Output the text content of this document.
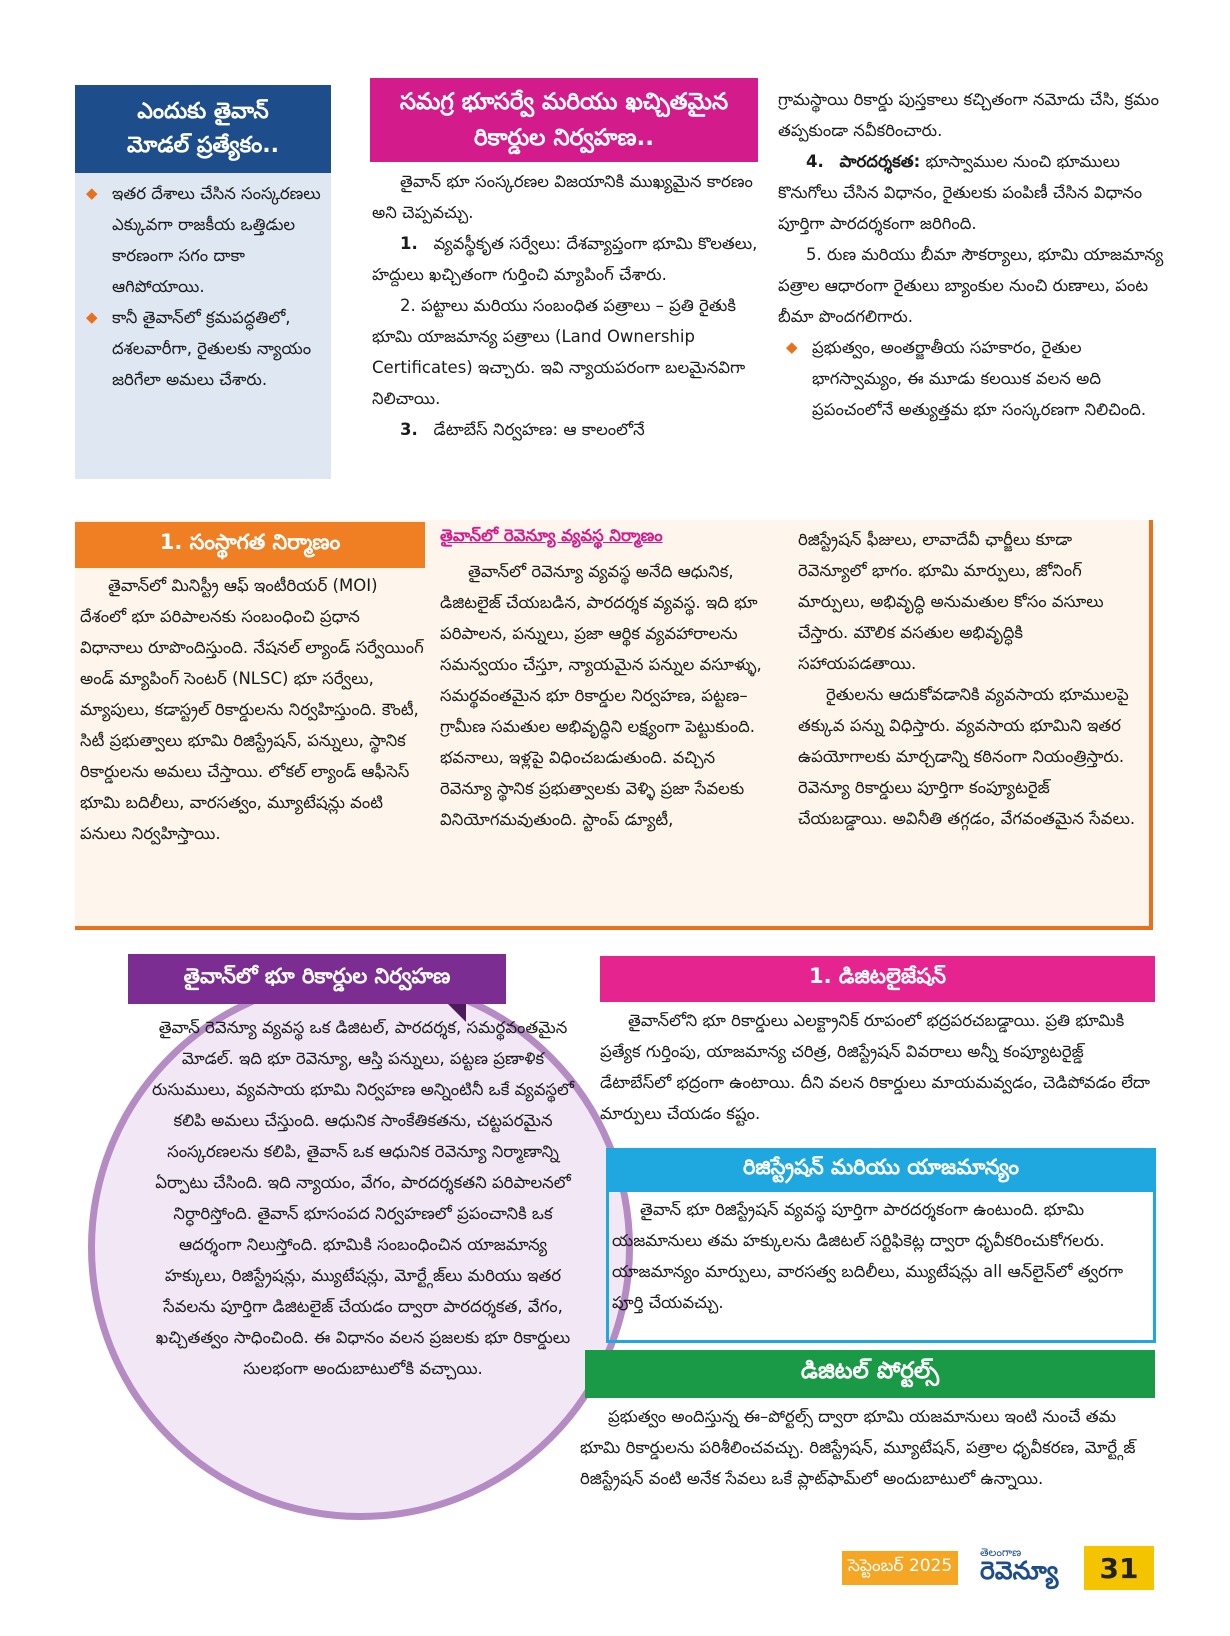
ఎందుకు తైవాన్
మోడల్ ప్రత్యేకం..
◆ ఇతర దేశాలు చేసిన సంస్కరణలు ఎక్కువగా రాజకీయ ఒత్తిడుల కారణంగా సగం దాకా ఆగిపోయాయి.
◆ కానీ తైవాన్‌లో క్రమపద్ధతిలో, దశలవారీగా, రైతులకు న్యాయం జరిగేలా అమలు చేశారు.
సమగ్ర భూసర్వే మరియు ఖచ్చితమైన
రికార్డుల నిర్వహణ..

తైవాన్ భూ సంస్కరణల విజయానికి ముఖ్యమైన కారణం అని చెప్పవచ్చు.

1. వ్యవస్థీకృత సర్వేలు: దేశవ్యాప్తంగా భూమి కొలతలు, హద్దులు ఖచ్చితంగా గుర్తించి మ్యాపింగ్ చేశారు.

2. పట్టాలు మరియు సంబంధిత పత్రాలు – ప్రతి రైతుకి భూమి యాజమాన్య పత్రాలు (Land Ownership Certificates) ఇచ్చారు. ఇవి న్యాయపరంగా బలమైనవిగా నిలిచాయి.

3. డేటాబేస్ నిర్వహణ: ఆ కాలంలోనే

గ్రామస్థాయి రికార్డు పుస్తకాలు కచ్చితంగా నమోదు చేసి, క్రమం తప్పకుండా నవీకరించారు.

4. పారదర్శకత: భూస్వాముల నుంచి భూములు కొనుగోలు చేసిన విధానం, రైతులకు పంపిణీ చేసిన విధానం పూర్తిగా పారదర్శకంగా జరిగింది.

5. రుణ మరియు బీమా సౌకర్యాలు, భూమి యాజమాన్య పత్రాల ఆధారంగా రైతులు బ్యాంకుల నుంచి రుణాలు, పంట బీమా పొందగలిగారు.

◆ ప్రభుత్వం, అంతర్జాతీయ సహకారం, రైతుల భాగస్వామ్యం, ఈ మూడు కలయిక వలన అది ప్రపంచంలోనే అత్యుత్తమ భూ సంస్కరణగా నిలిచింది.
1. సంస్థాగత నిర్మాణం

తైవాన్‌లో మినిస్ట్రీ ఆఫ్ ఇంటీరియర్ (MOI) దేశంలో భూ పరిపాలనకు సంబంధించి ప్రధాన విధానాలు రూపొందిస్తుంది. నేషనల్ ల్యాండ్ సర్వేయింగ్ అండ్ మ్యాపింగ్ సెంటర్ (NLSC) భూ సర్వేలు, మ్యాపులు, కడాస్ట్రల్ రికార్డులను నిర్వహిస్తుంది. కౌంటీ, సిటీ ప్రభుత్వాలు భూమి రిజిస్ట్రేషన్, పన్నులు, స్థానిక రికార్డులను అమలు చేస్తాయి. లోకల్ ల్యాండ్ ఆఫీసెస్ భూమి బదిలీలు, వారసత్వం, మ్యూటేషన్లు వంటి పనులు నిర్వహిస్తాయి.

తైవాన్‌లో రెవెన్యూ వ్యవస్థ నిర్మాణం

తైవాన్‌లో రెవెన్యూ వ్యవస్థ అనేది ఆధునిక, డిజిటలైజ్ చేయబడిన, పారదర్శక వ్యవస్థ. ఇది భూ పరిపాలన, పన్నులు, ప్రజా ఆర్థిక వ్యవహారాలను సమన్వయం చేస్తూ, న్యాయమైన పన్నుల వసూళ్ళు, సమర్థవంతమైన భూ రికార్డుల నిర్వహణ, పట్టణ–గ్రామీణ సమతుల అభివృద్ధిని లక్ష్యంగా పెట్టుకుంది. భవనాలు, ఇళ్లపై విధించబడుతుంది. వచ్చిన రెవెన్యూ స్థానిక ప్రభుత్వాలకు వెళ్ళి ప్రజా సేవలకు వినియోగమవుతుంది. స్టాంప్ డ్యూటీ,

రిజిస్ట్రేషన్ ఫీజులు, లావాదేవీ ఛార్జీలు కూడా రెవెన్యూలో భాగం. భూమి మార్పులు, జోనింగ్ మార్పులు, అభివృద్ధి అనుమతుల కోసం వసూలు చేస్తారు. మౌలిక వసతుల అభివృద్ధికి సహాయపడతాయి.

రైతులను ఆదుకోవడానికి వ్యవసాయ భూములపై తక్కువ పన్ను విధిస్తారు. వ్యవసాయ భూమిని ఇతర ఉపయోగాలకు మార్చడాన్ని కఠినంగా నియంత్రిస్తారు. రెవెన్యూ రికార్డులు పూర్తిగా కంప్యూటరైజ్ చేయబడ్డాయి. అవినీతి తగ్గడం, వేగవంతమైన సేవలు.

తైవాన్‌లో భూ రికార్డుల నిర్వహణ

తైవాన్ రెవెన్యూ వ్యవస్థ ఒక డిజిటల్, పారదర్శక, సమర్థవంతమైన మోడల్. ఇది భూ రెవెన్యూ, ఆస్తి పన్నులు, పట్టణ ప్రణాళిక రుసుములు, వ్యవసాయ భూమి నిర్వహణ అన్నింటినీ ఒకే వ్యవస్థలో కలిపి అమలు చేస్తుంది. ఆధునిక సాంకేతికతను, చట్టపరమైన సంస్కరణలను కలిపి, తైవాన్ ఒక ఆధునిక రెవెన్యూ నిర్మాణాన్ని ఏర్పాటు చేసింది. ఇది న్యాయం, వేగం, పారదర్శకతని పరిపాలనలో నిర్ధారిస్తోంది. తైవాన్ భూసంపద నిర్వహణలో ప్రపంచానికి ఒక ఆదర్శంగా నిలుస్తోంది. భూమికి సంబంధించిన యాజమాన్య హక్కులు, రిజిస్ట్రేషన్లు, మ్యుటేషన్లు, మోర్ట్గేజ్‌లు మరియు ఇతర సేవలను పూర్తిగా డిజిటలైజ్ చేయడం ద్వారా పారదర్శకత, వేగం, ఖచ్చితత్వం సాధించింది. ఈ విధానం వలన ప్రజలకు భూ రికార్డులు సులభంగా అందుబాటులోకి వచ్చాయి.

1. డిజిటలైజేషన్

తైవాన్‌లోని భూ రికార్డులు ఎలక్ట్రానిక్ రూపంలో భద్రపరచబడ్డాయి. ప్రతి భూమికి ప్రత్యేక గుర్తింపు, యాజమాన్య చరిత్ర, రిజిస్ట్రేషన్ వివరాలు అన్నీ కంప్యూటరైజ్డ్ డేటాబేస్‌లో భద్రంగా ఉంటాయి. దీని వలన రికార్డులు మాయమవ్వడం, చెడిపోవడం లేదా మార్పులు చేయడం కష్టం.

రిజిస్ట్రేషన్ మరియు యాజమాన్యం

తైవాన్ భూ రిజిస్ట్రేషన్ వ్యవస్థ పూర్తిగా పారదర్శకంగా ఉంటుంది. భూమి యజమానులు తమ హక్కులను డిజిటల్ సర్టిఫికెట్ల ద్వారా ధృవీకరించుకోగలరు. యాజమాన్యం మార్పులు, వారసత్వ బదిలీలు, మ్యుటేషన్లు all ఆన్‌లైన్‌లో త్వరగా పూర్తి చేయవచ్చు.

డిజిటల్ పోర్టల్స్

ప్రభుత్వం అందిస్తున్న ఈ–పోర్టల్స్ ద్వారా భూమి యజమానులు ఇంటి నుంచే తమ భూమి రికార్డులను పరిశీలించవచ్చు. రిజిస్ట్రేషన్, మ్యూటేషన్, పత్రాల ధృవీకరణ, మోర్ట్గేజ్ రిజిస్ట్రేషన్ వంటి అనేక సేవలు ఒకే ప్లాట్‌ఫామ్‌లో అందుబాటులో ఉన్నాయి.

సెప్టెంబర్ 2025
తెలంగాణ
రెవెన్యూ	31
